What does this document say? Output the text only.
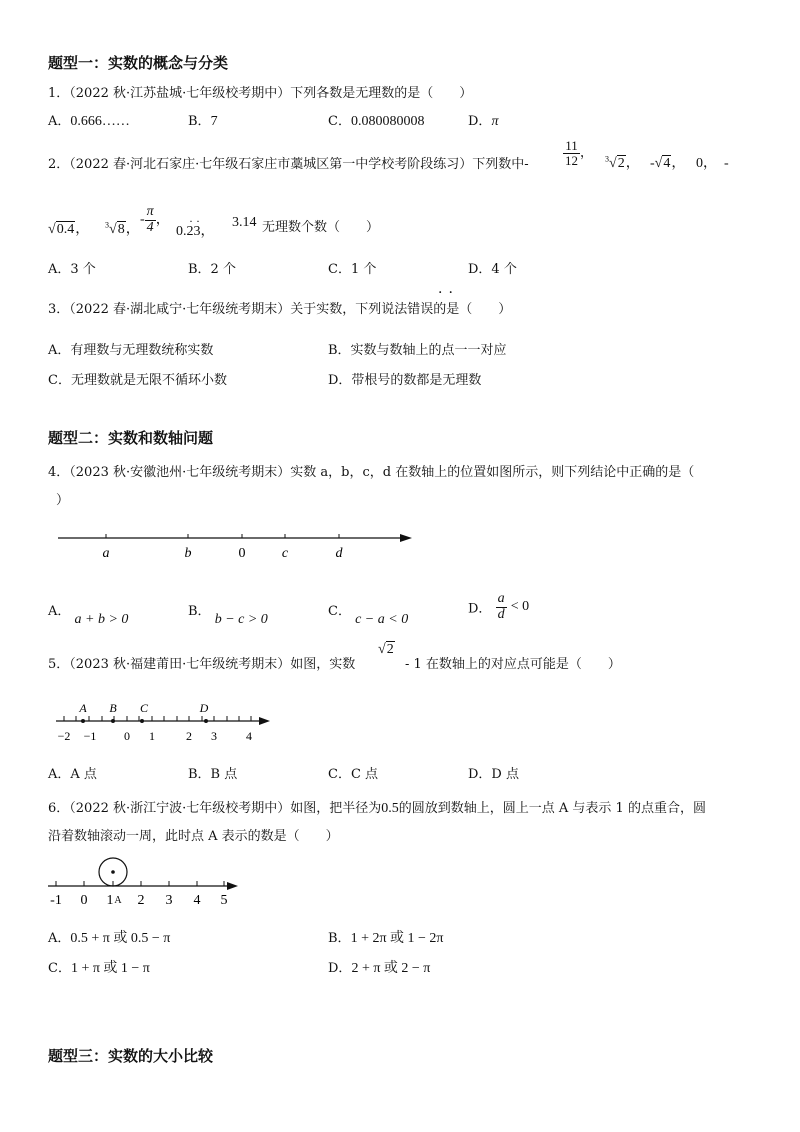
题型一：实数的概念与分类
1．（2022 秋·江苏盐城·七年级校考期中）下列各数是无理数的是（　　）
A．0.666……	B．7	C．0.080080008	D．π
2．（2022 春·河北石家庄·七年级石家庄市藁城区第一中学校考阶段练习）下列数中-	$\frac{11}{12}$ ， $^3$√2， -√4， 0，　-
√0.4， $^3$√8，
- $\frac{\pi}{4}$ ，
0.2 ·3 ·，
3.14 无理数个数（　　）
A．3 个	B．2 个	C．1 个	D．4 个
··
3．（2022 春·湖北咸宁·七年级统考期末）关于实数，下列说法错误的是（　　）
A．有理数与无理数统称实数	B．实数与数轴上的点一一对应
C．无理数就是无限不循环小数	D．带根号的数都是无理数
题型二：实数和数轴问题
4．（2023 秋·安徽池州·七年级统考期末）实数 a，b，c，d 在数轴上的位置如图所示，则下列结论中正确的是（
）
a	b	0	c	d
A． a + b > 0
B． b − c > 0
C． c − a < 0
D． $\frac{a}{d} < 0$
5．（2023 秋·福建莆田·七年级统考期末）如图，实数
√2
- 1 在数轴上的对应点可能是（　　）
A B C	D
−2 −1 0 1	2 3 4
A．A 点	B．B 点	C．C 点	D．D 点
6．（2022 秋·浙江宁波·七年级校考期中）如图，把半径为0.5的圆放到数轴上，圆上一点 A 与表示 1 的点重合，圆
沿着数轴滚动一周，此时点 A 表示的数是（　　）
-1 0 1 A 2 3 4 5
A．0.5 + π 或 0.5 − π	B．1 + 2π 或 1 − 2π
C．1 + π 或 1 − π	D．2 + π 或 2 − π
题型三：实数的大小比较
